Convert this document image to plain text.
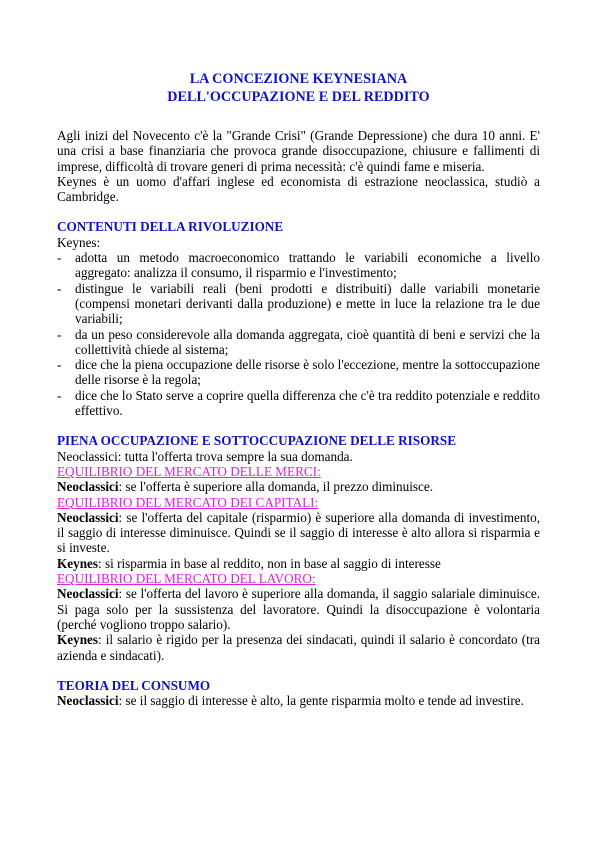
LA CONCEZIONE KEYNESIANA
DELL'OCCUPAZIONE E DEL REDDITO

Agli inizi del Novecento c'è la "Grande Crisi" (Grande Depressione) che dura 10 anni. E' una crisi a base finanziaria che provoca grande disoccupazione, chiusure e fallimenti di imprese, difficoltà di trovare generi di prima necessità: c'è quindi fame e miseria.

Keynes è un uomo d'affari inglese ed economista di estrazione neoclassica, studiò a Cambridge.

CONTENUTI DELLA RIVOLUZIONE

Keynes:

- adotta un metodo macroeconomico trattando le variabili economiche a livello aggregato: analizza il consumo, il risparmio e l'investimento;
- distingue le variabili reali (beni prodotti e distribuiti) dalle variabili monetarie (compensi monetari derivanti dalla produzione) e mette in luce la relazione tra le due variabili;
- da un peso considerevole alla domanda aggregata, cioè quantità di beni e servizi che la collettività chiede al sistema;
- dice che la piena occupazione delle risorse è solo l'eccezione, mentre la sottoccupazione delle risorse è la regola;
- dice che lo Stato serve a coprire quella differenza che c'è tra reddito potenziale e reddito effettivo.
PIENA OCCUPAZIONE E SOTTOCCUPAZIONE DELLE RISORSE

Neoclassici: tutta l'offerta trova sempre la sua domanda.

EQUILIBRIO DEL MERCATO DELLE MERCI:

Neoclassici: se l'offerta è superiore alla domanda, il prezzo diminuisce.

EQUILIBRIO DEL MERCATO DEI CAPITALI:

Neoclassici: se l'offerta del capitale (risparmio) è superiore alla domanda di investimento, il saggio di interesse diminuisce. Quindi se il saggio di interesse è alto allora si risparmia e si investe.

Keynes: si risparmia in base al reddito, non in base al saggio di interesse

EQUILIBRIO DEL MERCATO DEL LAVORO:

Neoclassici: se l'offerta del lavoro è superiore alla domanda, il saggio salariale diminuisce. Si paga solo per la sussistenza del lavoratore. Quindi la disoccupazione è volontaria (perché vogliono troppo salario).

Keynes: il salario è rigido per la presenza dei sindacati, quindi il salario è concordato (tra azienda e sindacati).

TEORIA DEL CONSUMO

Neoclassici: se il saggio di interesse è alto, la gente risparmia molto e tende ad investire.
